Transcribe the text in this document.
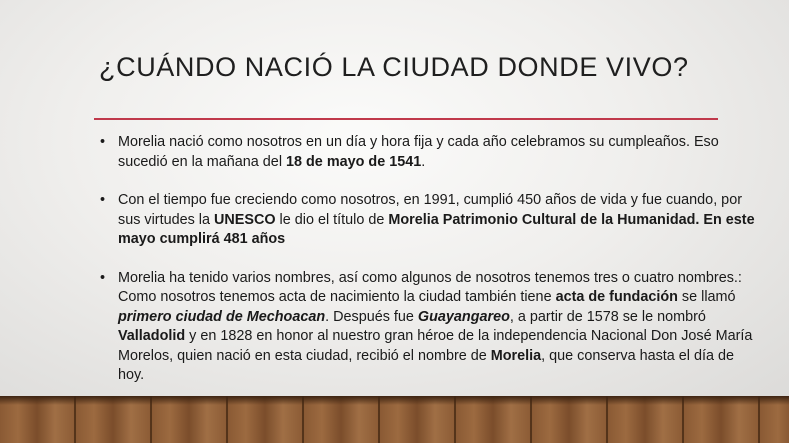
¿CUÁNDO NACIÓ LA CIUDAD DONDE VIVO?
• Morelia nació como nosotros en un día y hora fija y cada año celebramos su cumpleaños. Eso sucedió en la mañana del 18 de mayo de 1541.
• Con el tiempo fue creciendo como nosotros, en 1991, cumplió 450 años de vida y fue cuando, por sus virtudes la UNESCO le dio el título de Morelia Patrimonio Cultural de la Humanidad. En este mayo cumplirá 481 años
• Morelia ha tenido varios nombres, así como algunos de nosotros tenemos tres o cuatro nombres.: Como nosotros tenemos acta de nacimiento la ciudad también tiene acta de fundación se llamó primero ciudad de Mechoacan. Después fue Guayangareo, a partir de 1578 se le nombró Valladolid y en 1828 en honor al nuestro gran héroe de la independencia Nacional Don José María Morelos, quien nació en esta ciudad, recibió el nombre de Morelia, que conserva hasta el día de hoy.
